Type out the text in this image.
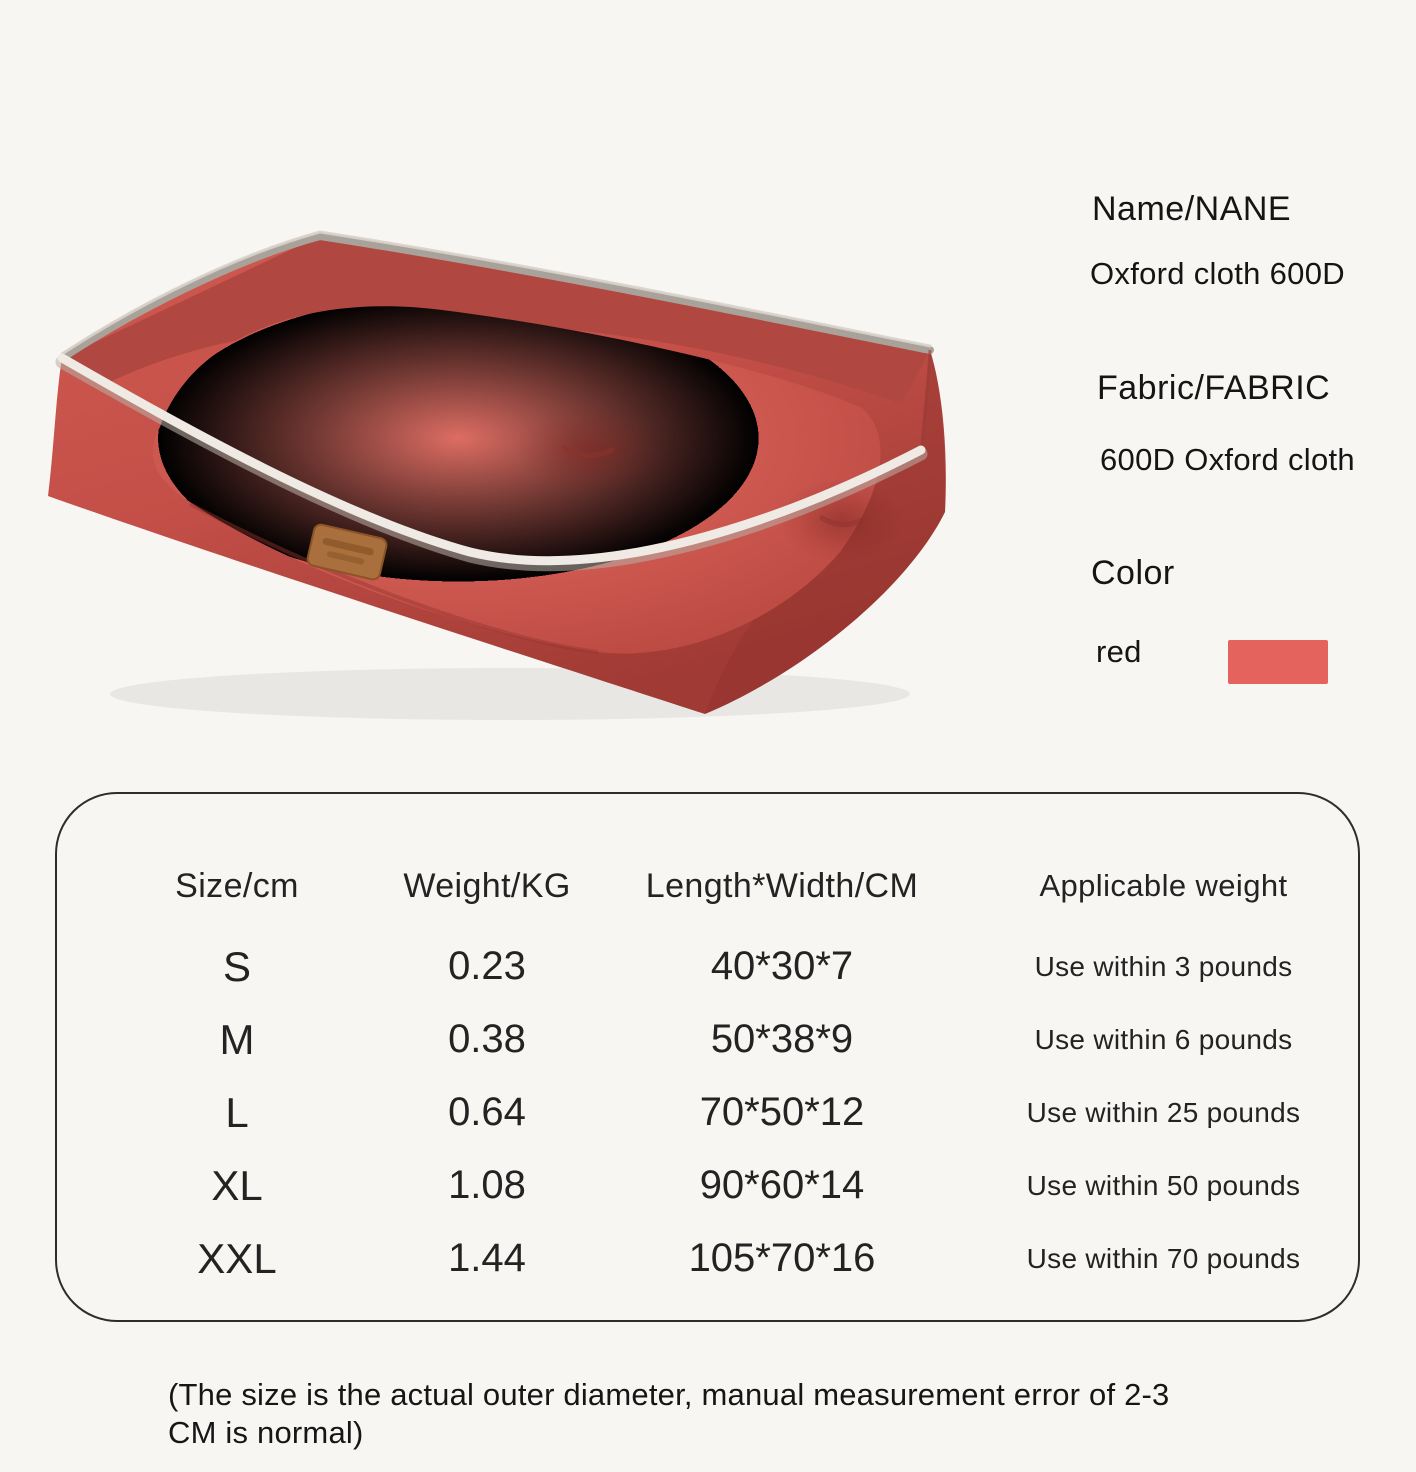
Name/NANE
Oxford cloth 600D
Fabric/FABRIC
600D Oxford cloth
Color
red
Size/cm	Weight/KG	Length*Width/CM	Applicable weight
S	0.23	40*30*7	Use within 3 pounds
M	0.38	50*38*9	Use within 6 pounds
L	0.64	70*50*12	Use within 25 pounds
XL	1.08	90*60*14	Use within 50 pounds
XXL	1.44	105*70*16	Use within 70 pounds
(The size is the actual outer diameter, manual measurement error of 2-3
CM is normal)
